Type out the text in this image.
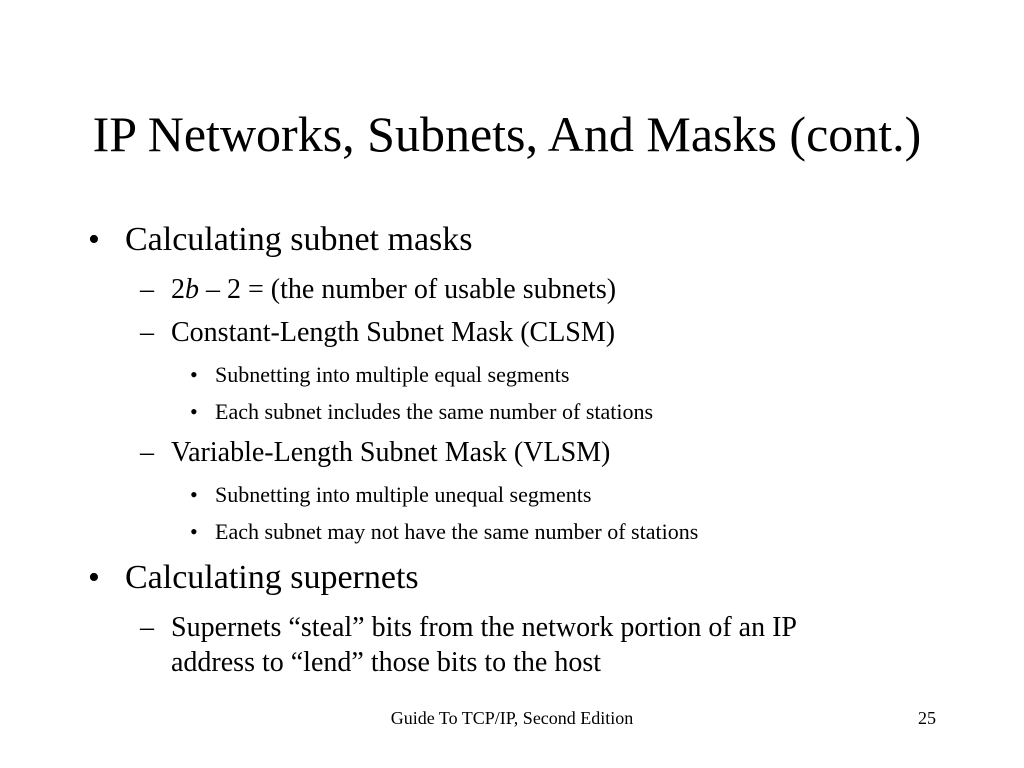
IP Networks, Subnets, And Masks (cont.)
• Calculating subnet masks
– 2b – 2 = (the number of usable subnets)
– Constant-Length Subnet Mask (CLSM)
• Subnetting into multiple equal segments
• Each subnet includes the same number of stations
– Variable-Length Subnet Mask (VLSM)
• Subnetting into multiple unequal segments
• Each subnet may not have the same number of stations
• Calculating supernets
– Supernets “steal” bits from the network portion of an IP
address to “lend” those bits to the host
Guide To TCP/IP, Second Edition	25
